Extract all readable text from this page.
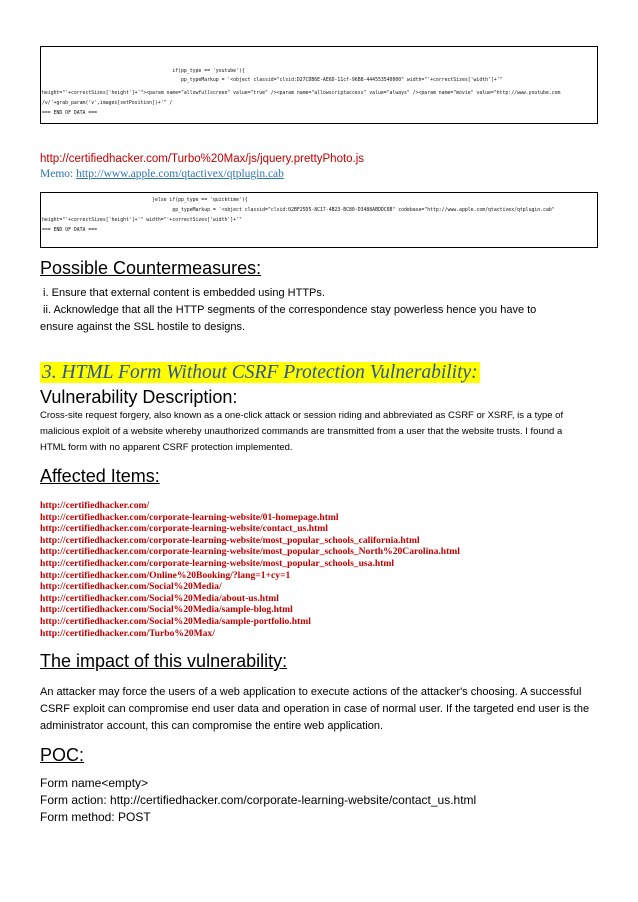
if(pp_type == 'youtube'){
pp_typeMarkup = '<object classid="clsid:D27CDB6E-AE6D-11cf-96B8-444553540000" width="'+correctSizes['width']+'"
height="'+correctSizes['height']+'"><param name="allowfullscreen" value="true" /><param name="allowscriptaccess" value="always" /><param name="movie" value="http://www.youtube.com
/v/'+grab_param('v',images[setPosition])+'" /
=== END OF DATA ===
http://certifiedhacker.com/Turbo%20Max/js/jquery.prettyPhoto.js
Memo: http://www.apple.com/qtactivex/qtplugin.cab
}else if(pp_type == 'quicktime'){
pp_typeMarkup = '<object classid="clsid:02BF25D5-8C17-4B23-BC80-D3488ABDDC6B" codebase="http://www.apple.com/qtactivex/qtplugin.cab"
height="'+correctSizes['height']+'" width="'+correctSizes['width']+'"
=== END OF DATA ===
Possible Countermeasures:
i. Ensure that external content is embedded using HTTPs.
ii. Acknowledge that all the HTTP segments of the correspondence stay powerless hence you have to
ensure against the SSL hostile to designs.
3. HTML Form Without CSRF Protection Vulnerability:
Vulnerability Description:
Cross-site request forgery, also known as a one-click attack or session riding and abbreviated as CSRF or XSRF, is a type of
malicious exploit of a website whereby unauthorized commands are transmitted from a user that the website trusts. I found a
HTML form with no apparent CSRF protection implemented.
Affected Items:
http://certifiedhacker.com/
http://certifiedhacker.com/corporate-learning-website/01-homepage.html
http://certifiedhacker.com/corporate-learning-website/contact_us.html
http://certifiedhacker.com/corporate-learning-website/most_popular_schools_california.html
http://certifiedhacker.com/corporate-learning-website/most_popular_schools_North%20Carolina.html
http://certifiedhacker.com/corporate-learning-website/most_popular_schools_usa.html
http://certifiedhacker.com/Online%20Booking/?lang=1+cy=1
http://certifiedhacker.com/Social%20Media/
http://certifiedhacker.com/Social%20Media/about-us.html
http://certifiedhacker.com/Social%20Media/sample-blog.html
http://certifiedhacker.com/Social%20Media/sample-portfolio.html
http://certifiedhacker.com/Turbo%20Max/
The impact of this vulnerability:
An attacker may force the users of a web application to execute actions of the attacker's choosing. A successful
CSRF exploit can compromise end user data and operation in case of normal user. If the targeted end user is the
administrator account, this can compromise the entire web application.
POC:
Form name<empty>
Form action: http://certifiedhacker.com/corporate-learning-website/contact_us.html
Form method: POST
